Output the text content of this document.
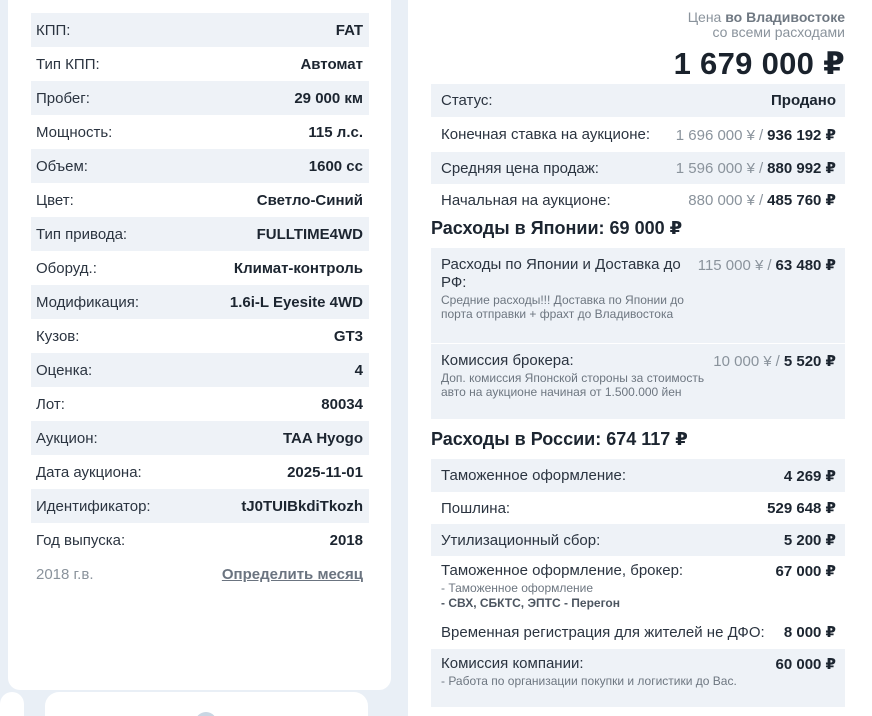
КПП:	FAT
Тип КПП:	Автомат
Пробег:	29 000 км
Мощность:	115 л.с.
Объем:	1600 cc
Цвет:	Светло-Синий
Тип привода:	FULLTIME4WD
Оборуд.:	Климат-контроль
Модификация:	1.6i-L Eyesite 4WD
Кузов:	GT3
Оценка:	4
Лот:	80034
Аукцион:	TAA Hyogo
Дата аукциона:	2025-11-01
Идентификатор:	tJ0TUIBkdiTkozh
Год выпуска:	2018
2018 г.в.	Определить месяц
Цена во Владивостоке
со всеми расходами
1 679 000 ₽
Статус:	Продано
Конечная ставка на аукционе: 1 696 000 ¥ / 936 192 ₽
Средняя цена продаж:	1 596 000 ¥ / 880 992 ₽
Начальная на аукционе:	880 000 ¥ / 485 760 ₽
Расходы в Японии: 69 000 ₽
Расходы по Японии и Доставка до РФ:
115 000 ¥ / 63 480 ₽
Средние расходы!!! Доставка по Японии до порта отправки + фрахт до Владивостока
Комиссия брокера:	10 000 ¥ / 5 520 ₽
Доп. комиссия Японской стороны за стоимость авто на аукционе начиная от 1.500.000 йен
Расходы в России: 674 117 ₽
Таможенное оформление:	4 269 ₽
Пошлина:	529 648 ₽
Утилизационный сбор:	5 200 ₽
Таможенное оформление, брокер:	67 000 ₽
- Таможенное оформление
- СВХ, СБКТС, ЭПТС - Перегон
Временная регистрация для жителей не ДФО: 8 000 ₽
Комиссия компании:	60 000 ₽
- Работа по организации покупки и логистики до Вас.
